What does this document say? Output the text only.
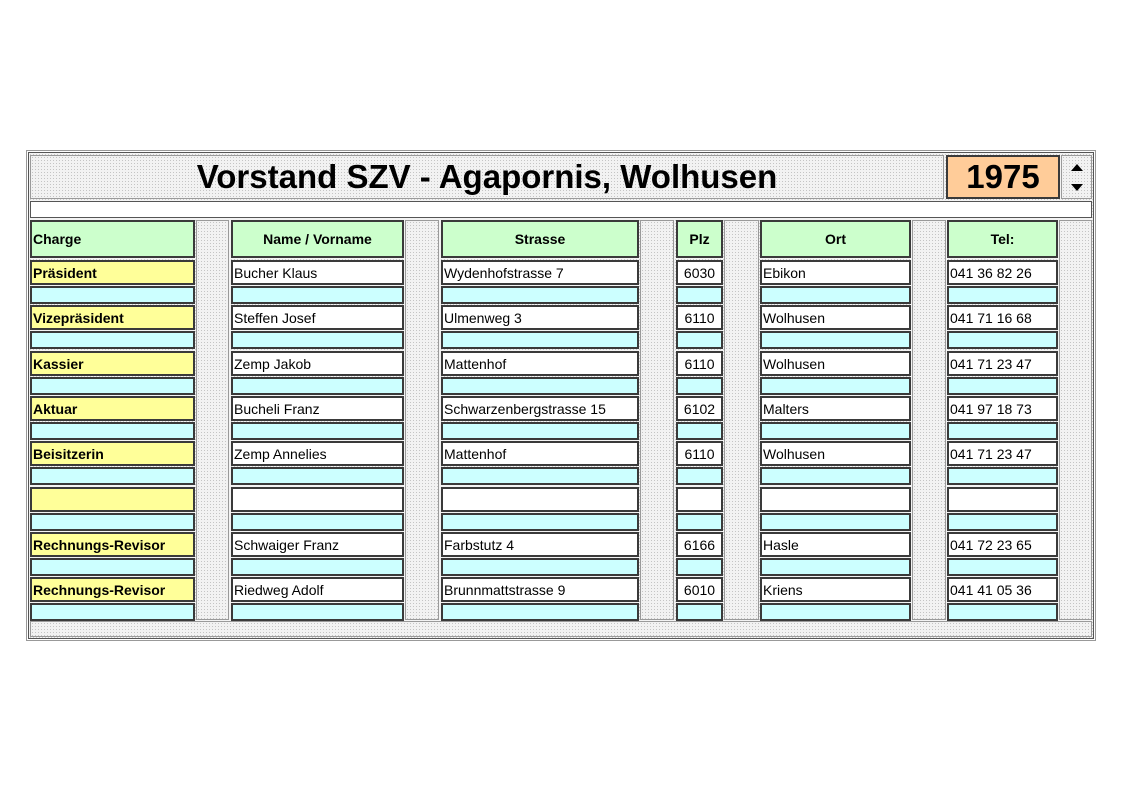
Vorstand SZV - Agapornis, Wolhusen	1975
Charge	Name / Vorname	Strasse	Plz	Ort	Tel:
Präsident	Bucher Klaus	Wydenhofstrasse 7	6030	Ebikon	041 36 82 26
Vizepräsident	Steffen Josef	Ulmenweg 3	6110	Wolhusen	041 71 16 68
Kassier	Zemp Jakob	Mattenhof	6110	Wolhusen	041 71 23 47
Aktuar	Bucheli Franz	Schwarzenbergstrasse 15	6102	Malters	041 97 18 73
Beisitzerin	Zemp Annelies	Mattenhof	6110	Wolhusen	041 71 23 47
Rechnungs-Revisor	Schwaiger Franz	Farbstutz 4	6166	Hasle	041 72 23 65
Rechnungs-Revisor	Riedweg Adolf	Brunnmattstrasse 9	6010	Kriens	041 41 05 36
